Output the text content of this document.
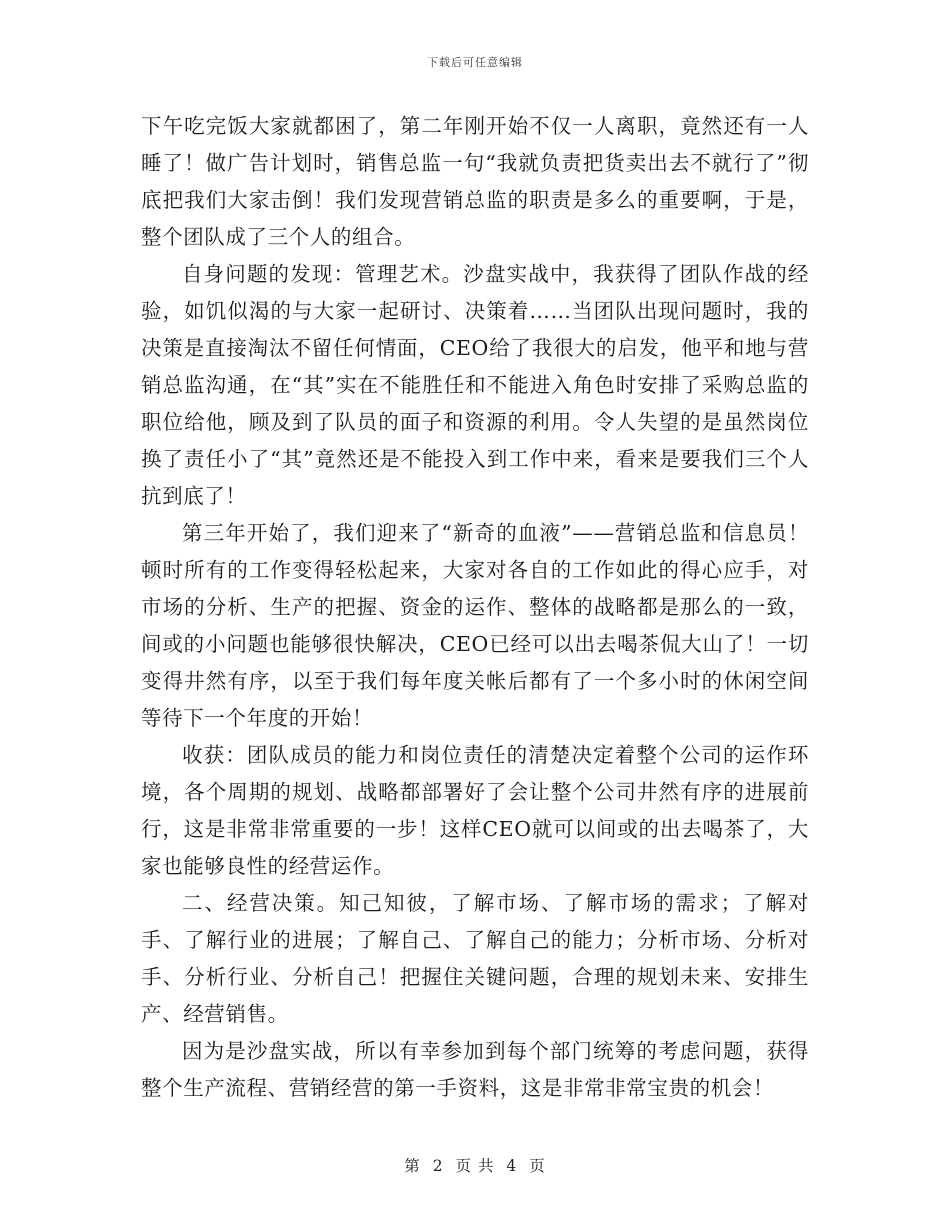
下载后可任意编辑

下午吃完饭大家就都困了，第二年刚开始不仅一人离职，竟然还有一人睡了！做广告计划时，销售总监一句“我就负责把货卖出去不就行了”彻底把我们大家击倒！我们发现营销总监的职责是多么的重要啊，于是，整个团队成了三个人的组合。

自身问题的发现：管理艺术。沙盘实战中，我获得了团队作战的经验，如饥似渴的与大家一起研讨、决策着……当团队出现问题时，我的决策是直接淘汰不留任何情面，CEO给了我很大的启发，他平和地与营销总监沟通，在“其”实在不能胜任和不能进入角色时安排了采购总监的职位给他，顾及到了队员的面子和资源的利用。令人失望的是虽然岗位换了责任小了“其”竟然还是不能投入到工作中来，看来是要我们三个人抗到底了！

第三年开始了，我们迎来了“新奇的血液”——营销总监和信息员！顿时所有的工作变得轻松起来，大家对各自的工作如此的得心应手，对市场的分析、生产的把握、资金的运作、整体的战略都是那么的一致，间或的小问题也能够很快解决，CEO已经可以出去喝茶侃大山了！一切变得井然有序，以至于我们每年度关帐后都有了一个多小时的休闲空间等待下一个年度的开始！

收获：团队成员的能力和岗位责任的清楚决定着整个公司的运作环境，各个周期的规划、战略都部署好了会让整个公司井然有序的进展前行，这是非常非常重要的一步！这样CEO就可以间或的出去喝茶了，大家也能够良性的经营运作。

二、经营决策。知己知彼，了解市场、了解市场的需求；了解对手、了解行业的进展；了解自己、了解自己的能力；分析市场、分析对手、分析行业、分析自己！把握住关键问题，合理的规划未来、安排生产、经营销售。

因为是沙盘实战，所以有幸参加到每个部门统筹的考虑问题，获得整个生产流程、营销经营的第一手资料，这是非常非常宝贵的机会！

第 2 页 共 4 页
